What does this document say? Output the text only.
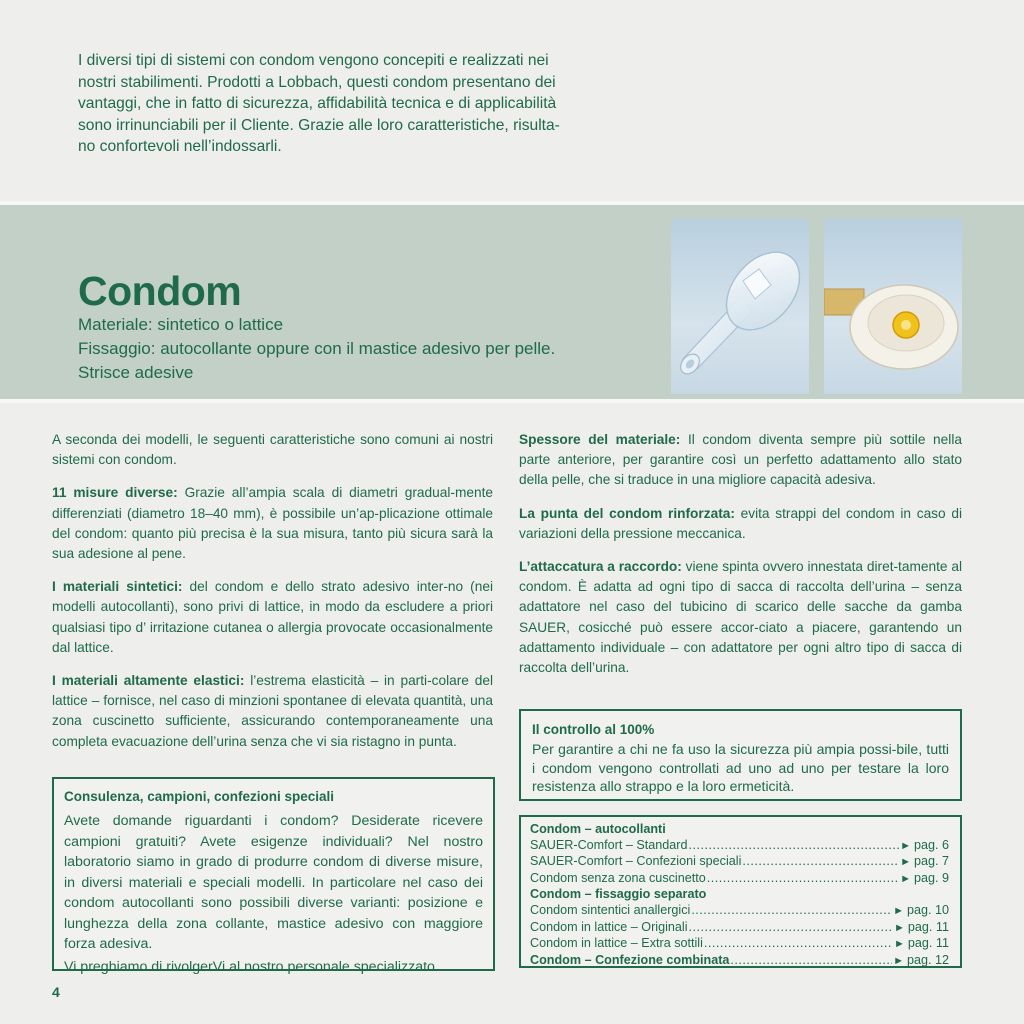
I diversi tipi di sistemi con condom vengono concepiti e realizzati nei
nostri stabilimenti. Prodotti a Lobbach, questi condom presentano dei
vantaggi, che in fatto di sicurezza, affidabilità tecnica e di applicabilità
sono irrinunciabili per il Cliente. Grazie alle loro caratteristiche, risulta-
no confortevoli nell’indossarli.
Condom
Materiale: sintetico o lattice
Fissaggio: autocollante oppure con il mastice adesivo per pelle.
Strisce adesive

A seconda dei modelli, le seguenti caratteristiche sono comuni ai nostri sistemi con condom.

11 misure diverse: Grazie all’ampia scala di diametri gradual-mente differenziati (diametro 18–40 mm), è possibile un’ap-plicazione ottimale del condom: quanto più precisa è la sua misura, tanto più sicura sarà la sua adesione al pene.

I materiali sintetici: del condom e dello strato adesivo inter-no (nei modelli autocollanti), sono privi di lattice, in modo da escludere a priori qualsiasi tipo d’ irritazione cutanea o allergia provocate occasionalmente dal lattice.

I materiali altamente elastici: l’estrema elasticità – in parti-colare del lattice – fornisce, nel caso di minzioni spontanee di elevata quantità, una zona cuscinetto sufficiente, assicurando contemporaneamente una completa evacuazione dell’urina senza che vi sia ristagno in punta.

Consulenza, campioni, confezioni speciali
Avete domande riguardanti i condom? Desiderate ricevere campioni gratuiti? Avete esigenze individuali? Nel nostro laboratorio siamo in grado di produrre condom di diverse misure, in diversi materiali e speciali modelli. In particolare nel caso dei condom autocollanti sono possibili diverse varianti: posizione e lunghezza della zona collante, mastice adesivo con maggiore forza adesiva.
Vi preghiamo di rivolgerVi al nostro personale specializzato.

Spessore del materiale: Il condom diventa sempre più sottile nella parte anteriore, per garantire così un perfetto adattamento allo stato della pelle, che si traduce in una migliore capacità adesiva.

La punta del condom rinforzata: evita strappi del condom in caso di variazioni della pressione meccanica.

L’attaccatura a raccordo: viene spinta ovvero innestata diret-tamente al condom. È adatta ad ogni tipo di sacca di raccolta dell’urina – senza adattatore nel caso del tubicino di scarico delle sacche da gamba SAUER, cosicché può essere accor-ciato a piacere, garantendo un adattamento individuale – con adattatore per ogni altro tipo di sacca di raccolta dell’urina.

Il controllo al 100%
Per garantire a chi ne fa uso la sicurezza più ampia possi-bile, tutti i condom vengono controllati ad uno ad uno per testare la loro resistenza allo strappo e la loro ermeticità.
Condom – autocollanti
SAUER-Comfort – Standard .....	► pag. 6
SAUER-Comfort – Confezioni speciali .....	► pag. 7
Condom senza zona cuscinetto .....	► pag. 9
Condom – fissaggio separato
Condom sintentici anallergici .....	► pag. 10
Condom in lattice – Originali .....	► pag. 11
Condom in lattice – Extra sottili .....	► pag. 11
Condom – Confezione combinata .....	► pag. 12
4
